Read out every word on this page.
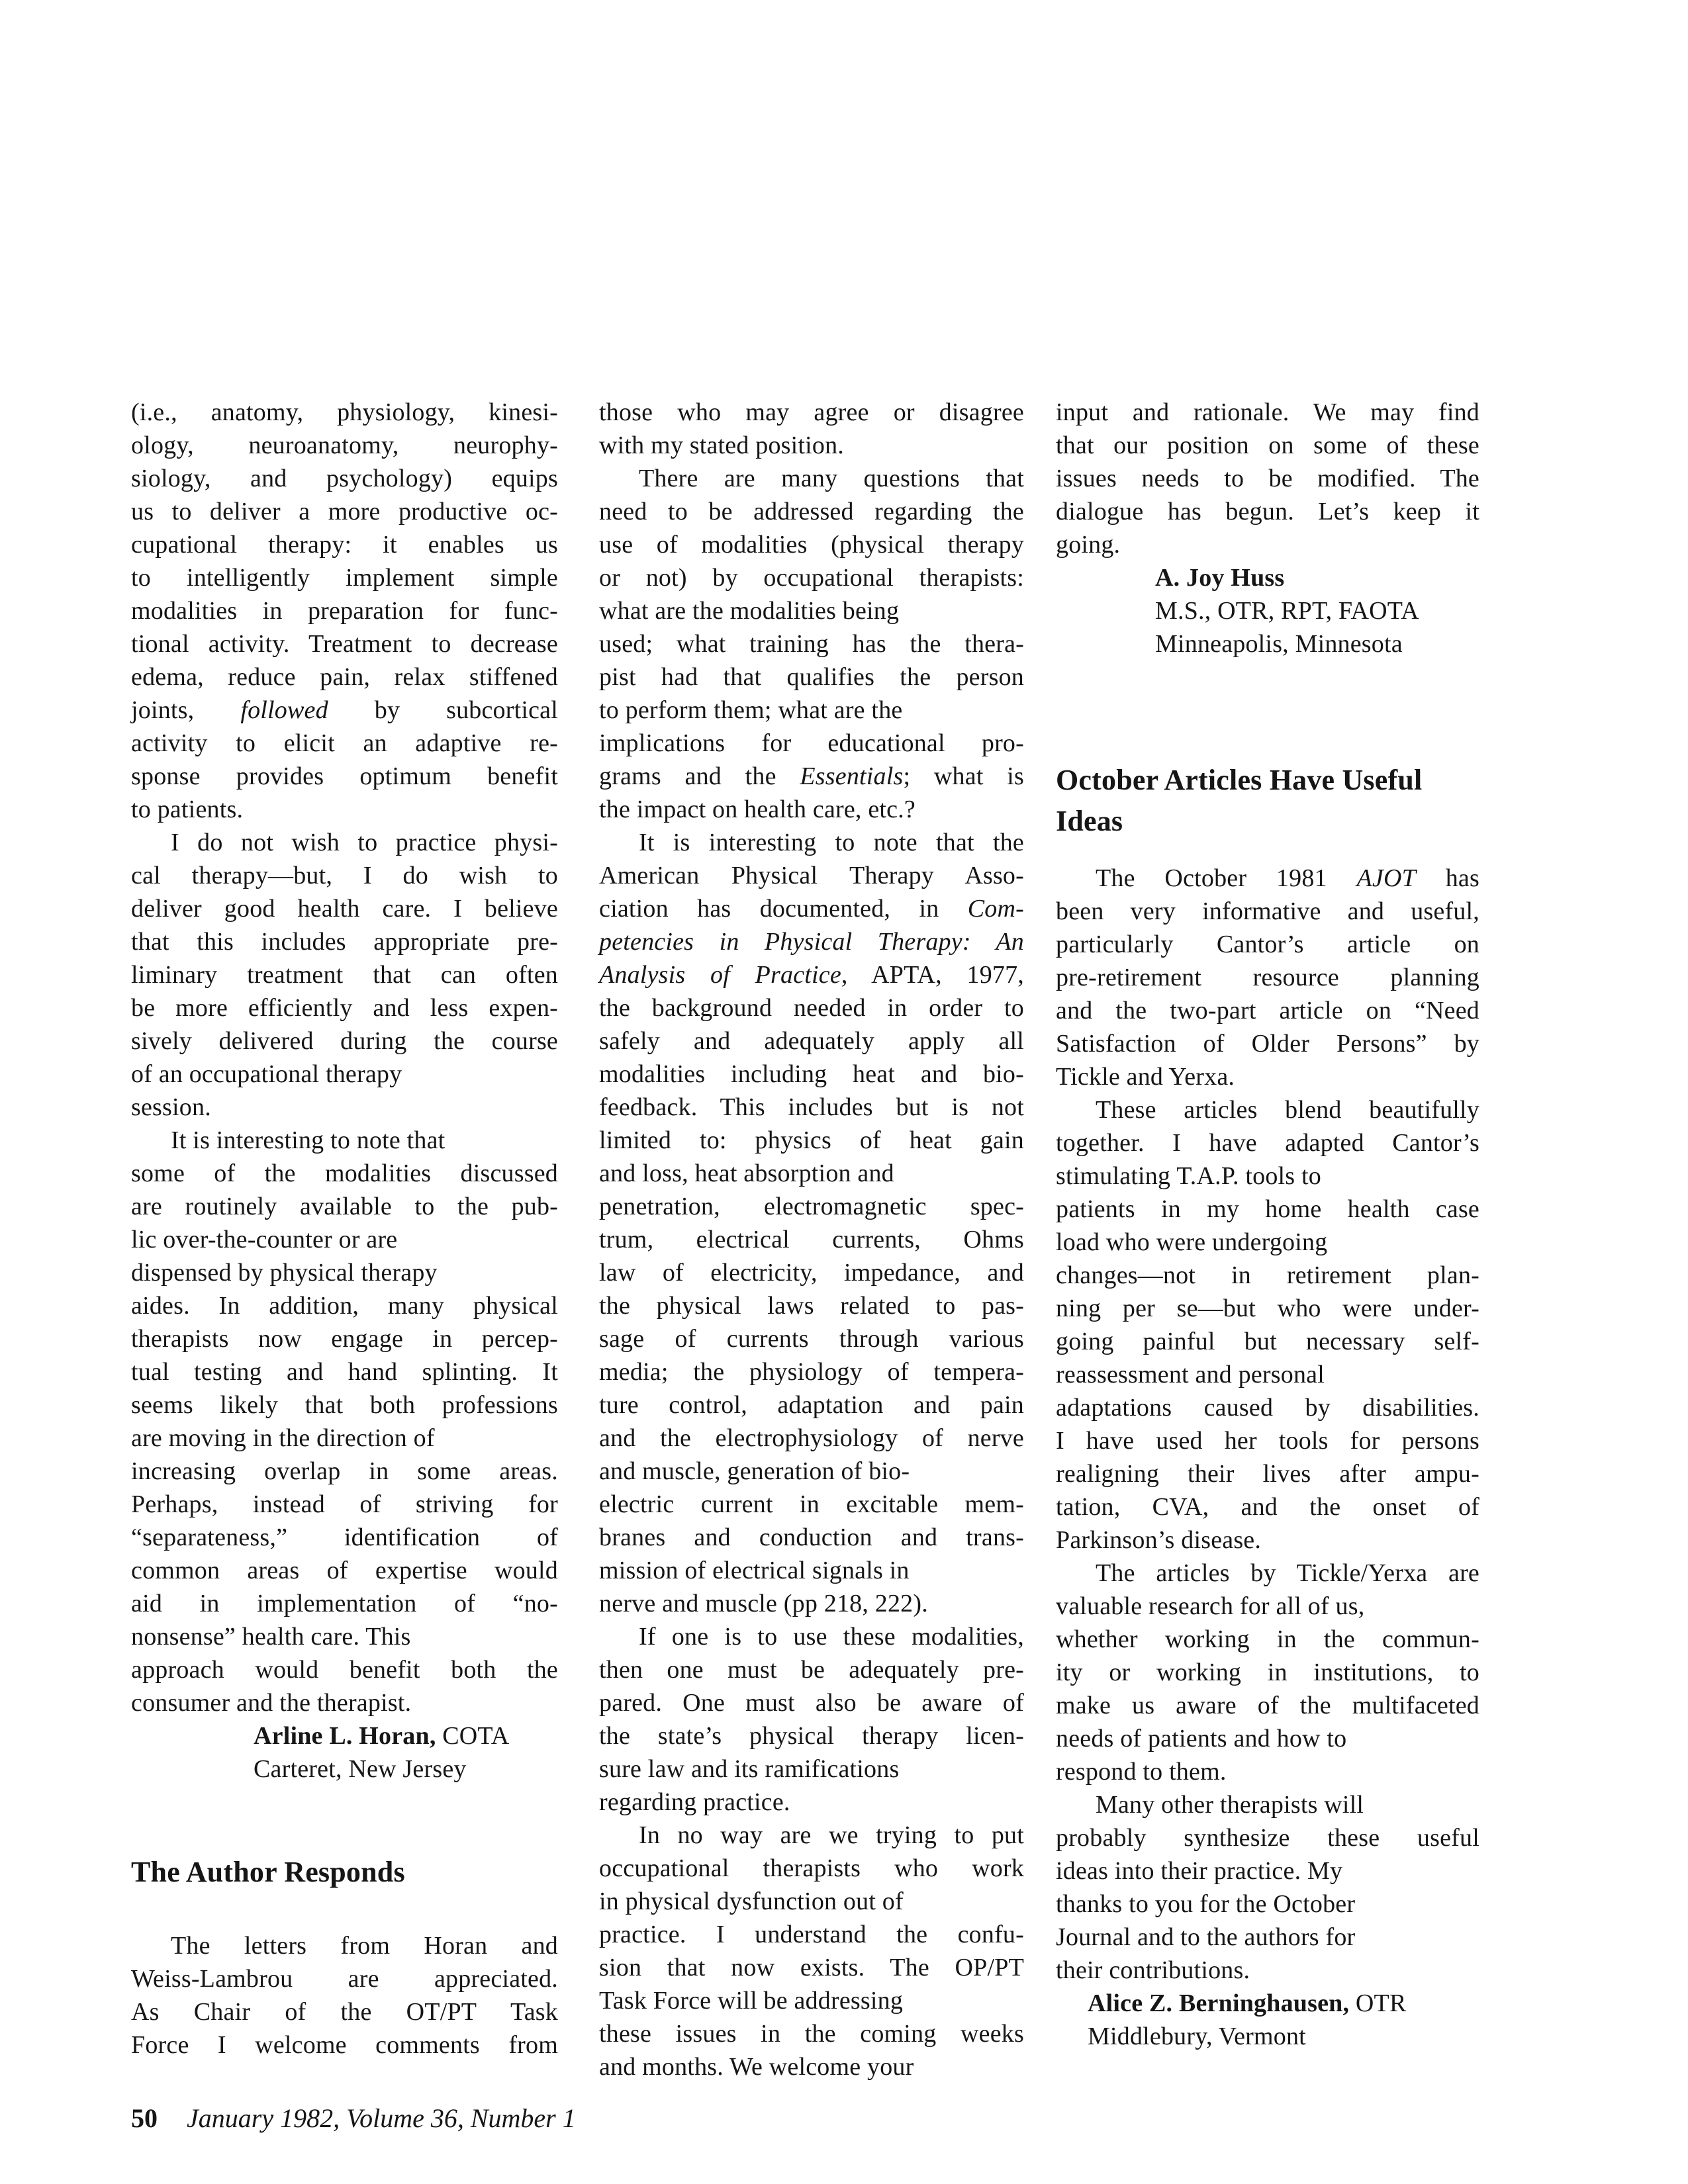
(i.e., anatomy, physiology, kinesi-
ology, neuroanatomy, neurophy-
siology, and psychology) equips
us to deliver a more productive oc-
cupational therapy: it enables us
to intelligently implement simple
modalities in preparation for func-
tional activity. Treatment to decrease
edema, reduce pain, relax stiffened
joints, followed by subcortical
activity to elicit an adaptive re-
sponse provides optimum benefit
to patients.
I do not wish to practice physi-
cal therapy—but, I do wish to
deliver good health care. I believe
that this includes appropriate pre-
liminary treatment that can often
be more efficiently and less expen-
sively delivered during the course
of an occupational therapy
session.
It is interesting to note that
some of the modalities discussed
are routinely available to the pub-
lic over-the-counter or are
dispensed by physical therapy
aides. In addition, many physical
therapists now engage in percep-
tual testing and hand splinting. It
seems likely that both professions
are moving in the direction of
increasing overlap in some areas.
Perhaps, instead of striving for
“separateness,” identification of
common areas of expertise would
aid in implementation of “no-
nonsense” health care. This
approach would benefit both the
consumer and the therapist.
Arline L. Horan, COTA
Carteret, New Jersey
The Author Responds
The letters from Horan and
Weiss-Lambrou are appreciated.
As Chair of the OT/PT Task
Force I welcome comments from
those who may agree or disagree
with my stated position.
There are many questions that
need to be addressed regarding the
use of modalities (physical therapy
or not) by occupational therapists:
what are the modalities being
used; what training has the thera-
pist had that qualifies the person
to perform them; what are the
implications for educational pro-
grams and the Essentials; what is
the impact on health care, etc.?
It is interesting to note that the
American Physical Therapy Asso-
ciation has documented, in Com-
petencies in Physical Therapy: An
Analysis of Practice, APTA, 1977,
the background needed in order to
safely and adequately apply all
modalities including heat and bio-
feedback. This includes but is not
limited to: physics of heat gain
and loss, heat absorption and
penetration, electromagnetic spec-
trum, electrical currents, Ohms
law of electricity, impedance, and
the physical laws related to pas-
sage of currents through various
media; the physiology of tempera-
ture control, adaptation and pain
and the electrophysiology of nerve
and muscle, generation of bio-
electric current in excitable mem-
branes and conduction and trans-
mission of electrical signals in
nerve and muscle (pp 218, 222).
If one is to use these modalities,
then one must be adequately pre-
pared. One must also be aware of
the state’s physical therapy licen-
sure law and its ramifications
regarding practice.
In no way are we trying to put
occupational therapists who work
in physical dysfunction out of
practice. I understand the confu-
sion that now exists. The OP/PT
Task Force will be addressing
these issues in the coming weeks
and months. We welcome your
input and rationale. We may find
that our position on some of these
issues needs to be modified. The
dialogue has begun. Let’s keep it
going.
A. Joy Huss
M.S., OTR, RPT, FAOTA
Minneapolis, Minnesota
October Articles Have Useful
Ideas
The October 1981 AJOT has
been very informative and useful,
particularly Cantor’s article on
pre-retirement resource planning
and the two-part article on “Need
Satisfaction of Older Persons” by
Tickle and Yerxa.
These articles blend beautifully
together. I have adapted Cantor’s
stimulating T.A.P. tools to
patients in my home health case
load who were undergoing
changes—not in retirement plan-
ning per se—but who were under-
going painful but necessary self-
reassessment and personal
adaptations caused by disabilities.
I have used her tools for persons
realigning their lives after ampu-
tation, CVA, and the onset of
Parkinson’s disease.
The articles by Tickle/Yerxa are
valuable research for all of us,
whether working in the commun-
ity or working in institutions, to
make us aware of the multifaceted
needs of patients and how to
respond to them.
Many other therapists will
probably synthesize these useful
ideas into their practice. My
thanks to you for the October
Journal and to the authors for
their contributions.
Alice Z. Berninghausen, OTR
Middlebury, Vermont
50 January 1982, Volume 36, Number 1
